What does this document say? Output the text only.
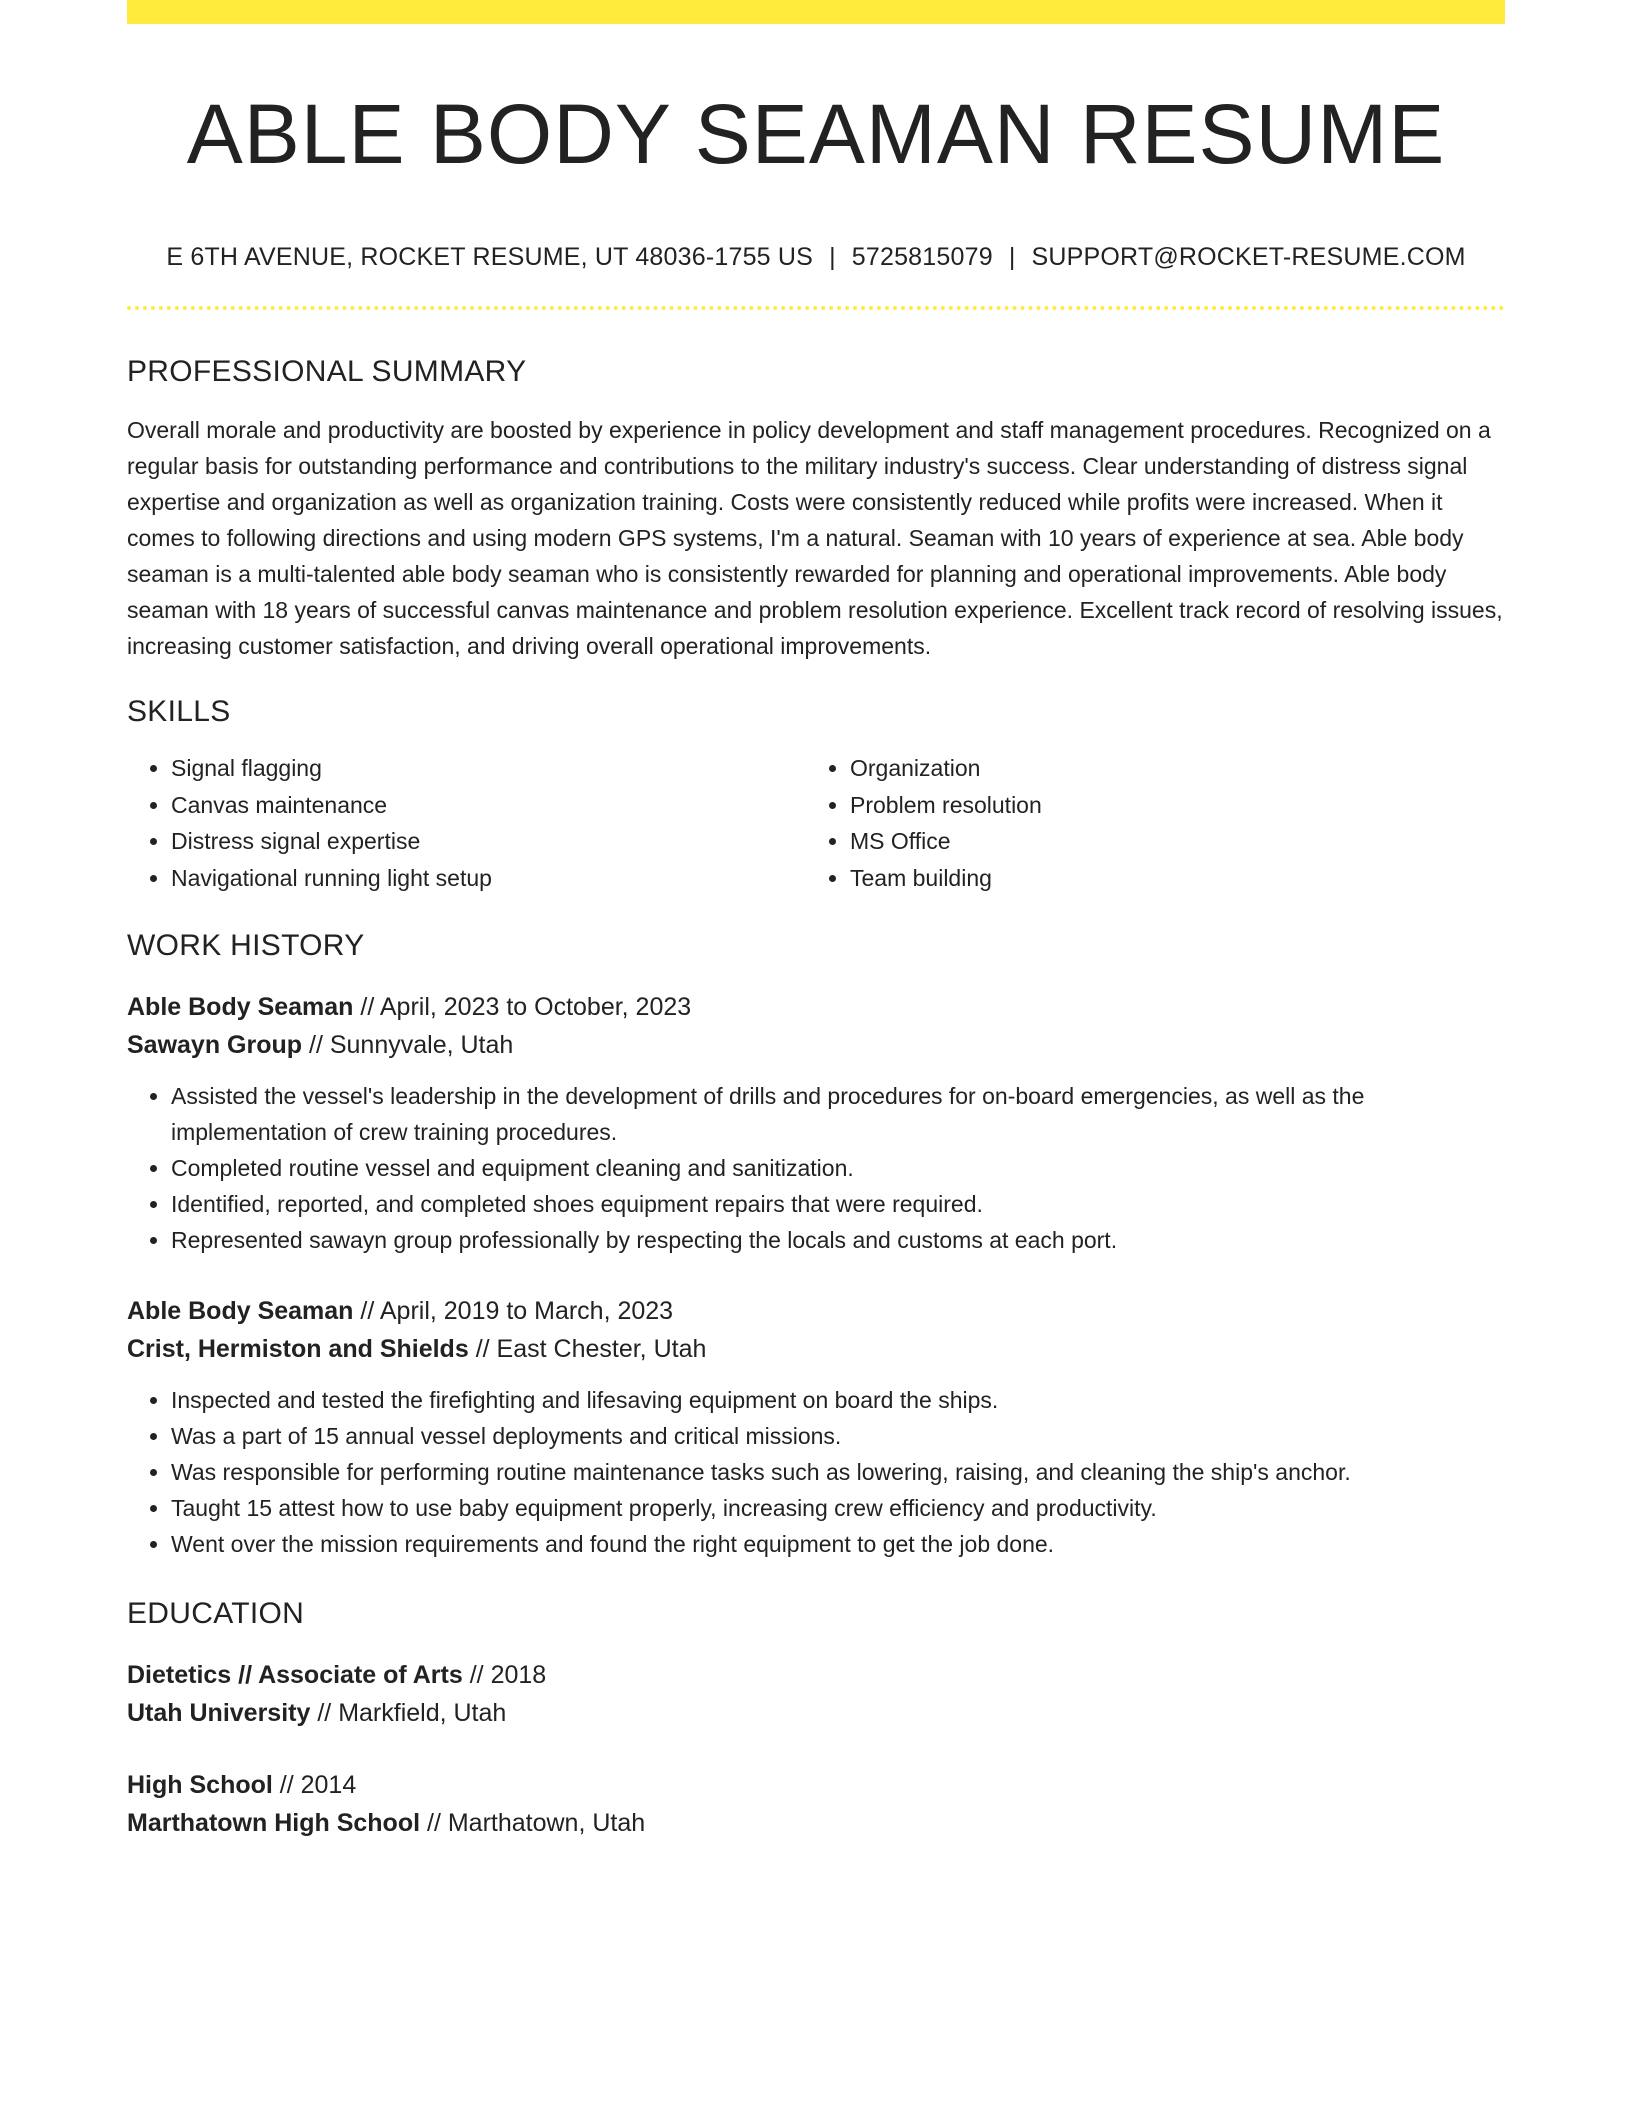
ABLE BODY SEAMAN RESUME
E 6TH AVENUE, ROCKET RESUME, UT 48036-1755 US | 5725815079 | SUPPORT@ROCKET-RESUME.COM
PROFESSIONAL SUMMARY
Overall morale and productivity are boosted by experience in policy development and staff management procedures. Recognized on a regular basis for outstanding performance and contributions to the military industry's success. Clear understanding of distress signal expertise and organization as well as organization training. Costs were consistently reduced while profits were increased. When it comes to following directions and using modern GPS systems, I'm a natural. Seaman with 10 years of experience at sea. Able body seaman is a multi-talented able body seaman who is consistently rewarded for planning and operational improvements. Able body seaman with 18 years of successful canvas maintenance and problem resolution experience. Excellent track record of resolving issues, increasing customer satisfaction, and driving overall operational improvements.
SKILLS
• Signal flagging
• Canvas maintenance
• Distress signal expertise
• Navigational running light setup
• Organization
• Problem resolution
• MS Office
• Team building
WORK HISTORY
Able Body Seaman // April, 2023 to October, 2023
Sawayn Group // Sunnyvale, Utah
• Assisted the vessel's leadership in the development of drills and procedures for on-board emergencies, as well as the implementation of crew training procedures.
• Completed routine vessel and equipment cleaning and sanitization.
• Identified, reported, and completed shoes equipment repairs that were required.
• Represented sawayn group professionally by respecting the locals and customs at each port.
Able Body Seaman // April, 2019 to March, 2023
Crist, Hermiston and Shields // East Chester, Utah
• Inspected and tested the firefighting and lifesaving equipment on board the ships.
• Was a part of 15 annual vessel deployments and critical missions.
• Was responsible for performing routine maintenance tasks such as lowering, raising, and cleaning the ship's anchor.
• Taught 15 attest how to use baby equipment properly, increasing crew efficiency and productivity.
• Went over the mission requirements and found the right equipment to get the job done.
EDUCATION
Dietetics // Associate of Arts // 2018
Utah University // Markfield, Utah
High School // 2014
Marthatown High School // Marthatown, Utah
